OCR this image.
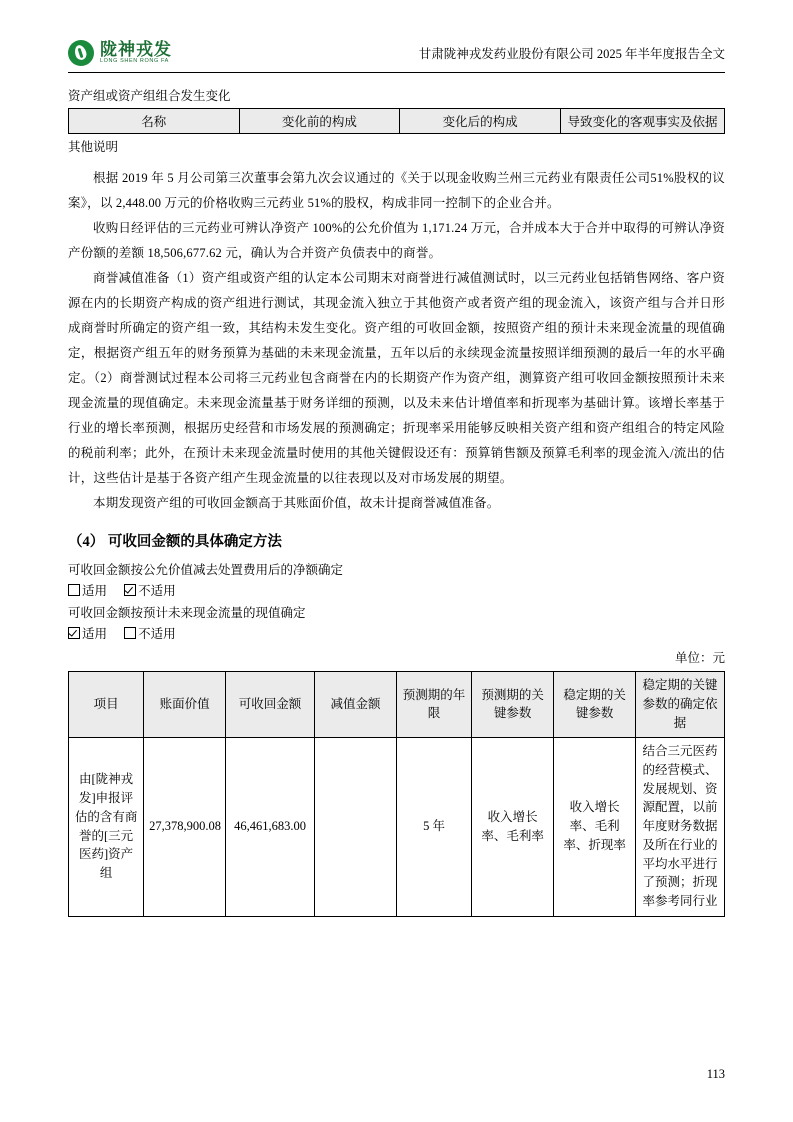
陇神戎发
LONG SHEN RONG FA
甘肃陇神戎发药业股份有限公司 2025 年半年度报告全文
资产组或资产组组合发生变化
名称	变化前的构成	变化后的构成	导致变化的客观事实及依据
其他说明

根据 2019 年 5 月公司第三次董事会第九次会议通过的《关于以现金收购兰州三元药业有限责任公司51%股权的议案》，以 2,448.00 万元的价格收购三元药业 51%的股权，构成非同一控制下的企业合并。

收购日经评估的三元药业可辨认净资产 100%的公允价值为 1,171.24 万元，合并成本大于合并中取得的可辨认净资产份额的差额 18,506,677.62 元，确认为合并资产负债表中的商誉。

商誉减值准备（1）资产组或资产组的认定本公司期末对商誉进行减值测试时，以三元药业包括销售网络、客户资源在内的长期资产构成的资产组进行测试，其现金流入独立于其他资产或者资产组的现金流入，该资产组与合并日形成商誉时所确定的资产组一致，其结构未发生变化。资产组的可收回金额，按照资产组的预计未来现金流量的现值确定，根据资产组五年的财务预算为基础的未来现金流量，五年以后的永续现金流量按照详细预测的最后一年的水平确定。（2）商誉测试过程本公司将三元药业包含商誉在内的长期资产作为资产组，测算资产组可收回金额按照预计未来现金流量的现值确定。未来现金流量基于财务详细的预测，以及未来估计增值率和折现率为基础计算。该增长率基于行业的增长率预测，根据历史经营和市场发展的预测确定；折现率采用能够反映相关资产组和资产组组合的特定风险的税前利率；此外，在预计未来现金流量时使用的其他关键假设还有：预算销售额及预算毛利率的现金流入/流出的估计，这些估计是基于各资产组产生现金流量的以往表现以及对市场发展的期望。

本期发现资产组的可收回金额高于其账面价值，故未计提商誉减值准备。

（4） 可收回金额的具体确定方法
可收回金额按公允价值减去处置费用后的净额确定
适用 不适用
可收回金额按预计未来现金流量的现值确定
适用 不适用
单位：元
项目	账面价值	可收回金额	减值金额	预测期的年限	预测期的关键参数	稳定期的关键参数	稳定期的关键参数的确定依据
由[陇神戎发]申报评估的含有商誉的[三元医药]资产组	27,378,900.08	46,461,683.00		5 年	收入增长率、毛利率	收入增长率、毛利率、折现率	结合三元医药的经营模式、发展规划、资源配置，以前年度财务数据及所在行业的平均水平进行了预测；折现率参考同行业
113
